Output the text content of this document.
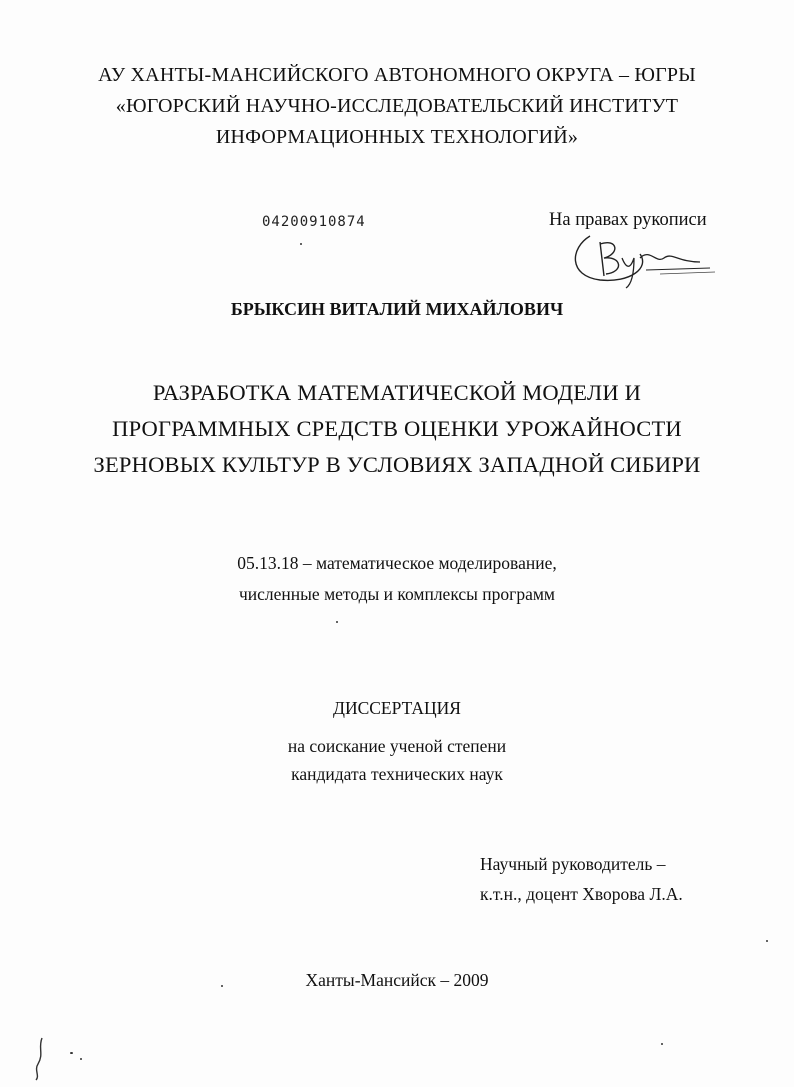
АУ ХАНТЫ-МАНСИЙСКОГО АВТОНОМНОГО ОКРУГА – ЮГРЫ
«ЮГОРСКИЙ НАУЧНО-ИССЛЕДОВАТЕЛЬСКИЙ ИНСТИТУТ
ИНФОРМАЦИОННЫХ ТЕХНОЛОГИЙ»
04200910874	На правах рукописи
БРЫКСИН ВИТАЛИЙ МИХАЙЛОВИЧ
РАЗРАБОТКА МАТЕМАТИЧЕСКОЙ МОДЕЛИ И
ПРОГРАММНЫХ СРЕДСТВ ОЦЕНКИ УРОЖАЙНОСТИ
ЗЕРНОВЫХ КУЛЬТУР В УСЛОВИЯХ ЗАПАДНОЙ СИБИРИ
05.13.18 – математическое моделирование,
численные методы и комплексы программ
ДИССЕРТАЦИЯ
на соискание ученой степени
кандидата технических наук
Научный руководитель –
к.т.н., доцент Хворова Л.А.
Ханты-Мансийск – 2009
